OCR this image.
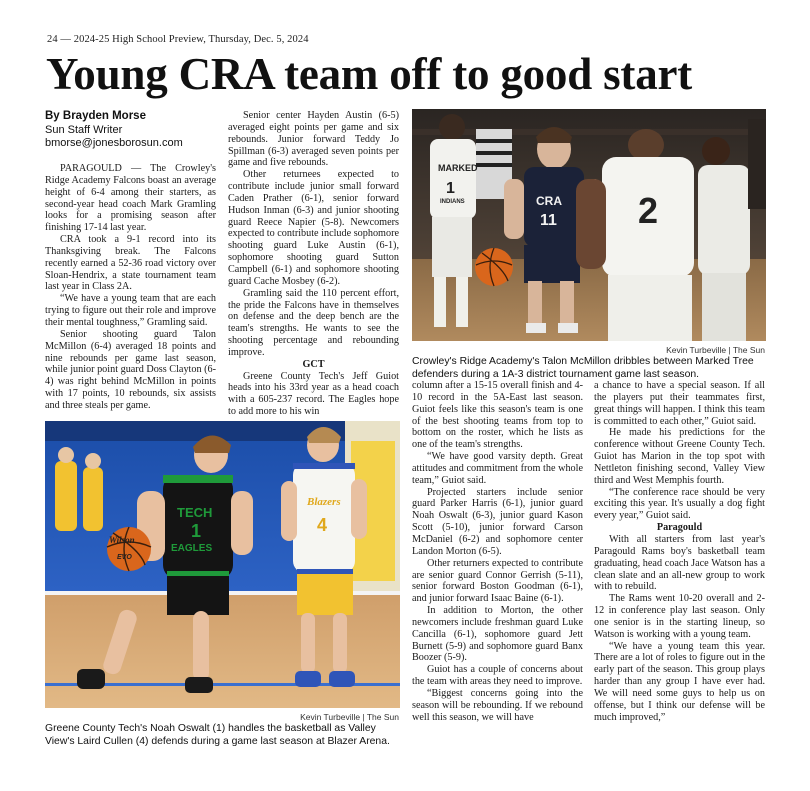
24 — 2024-25 High School Preview, Thursday, Dec. 5, 2024
Young CRA team off to good start
By Brayden Morse
Sun Staff Writer
bmorse@jonesborosun.com

PARAGOULD — The Crowley's Ridge Academy Falcons boast an average height of 6-4 among their starters, as second-year head coach Mark Gramling looks for a promising season after finishing 17-14 last year.

CRA took a 9-1 record into its Thanksgiving break. The Falcons recently earned a 52-36 road victory over Sloan-Hendrix, a state tournament team last year in Class 2A.

“We have a young team that are each trying to figure out their role and improve their mental toughness,” Gramling said.

Senior shooting guard Talon McMillon (6-4) averaged 18 points and nine rebounds per game last season, while junior point guard Doss Clayton (6-4) was right behind McMillon in points with 17 points, 10 rebounds, six assists and three steals per game.

Senior center Hayden Austin (6-5) averaged eight points per game and six rebounds. Junior forward Teddy Jo Spillman (6-3) averaged seven points per game and five rebounds.

Other returnees expected to contribute include junior small forward Caden Prather (6-1), senior forward Hudson Inman (6-3) and junior shooting guard Reece Napier (5-8). Newcomers expected to contribute include sophomore shooting guard Luke Austin (6-1), sophomore shooting guard Sutton Campbell (6-1) and sophomore shooting guard Cache Mosbey (6-2).

Gramling said the 110 percent effort, the pride the Falcons have in themselves on defense and the deep bench are the team's strengths. He wants to see the shooting percentage and rebounding improve.

GCT

Greene County Tech's Jeff Guiot heads into his 33rd year as a head coach with a 605-237 record. The Eagles hope to add more to his win

MARKED
1
INDIANS	CRA
11 2
Kevin Turbeville | The Sun
Crowley's Ridge Academy's Talon McMillon dribbles between Marked Tree defenders during a 1A-3 district tournament game last season.
TECH
1
EAGLES
Wilson
EVO
Blazers
4
Kevin Turbeville | The Sun
Greene County Tech's Noah Oswalt (1) handles the basketball as Valley View's Laird Cullen (4) defends during a game last season at Blazer Arena.

column after a 15-15 overall finish and 4-10 record in the 5A-East last season. Guiot feels like this season's team is one of the best shooting teams from top to bottom on the roster, which he lists as one of the team's strengths.

“We have good varsity depth. Great attitudes and commitment from the whole team,” Guiot said.

Projected starters include senior guard Parker Harris (6-1), junior guard Noah Oswalt (6-3), junior guard Kason Scott (5-10), junior forward Carson McDaniel (6-2) and sophomore center Landon Morton (6-5).

Other returners expected to contribute are senior guard Connor Gerrish (5-11), senior forward Boston Goodman (6-1), and junior forward Isaac Baine (6-1).

In addition to Morton, the other newcomers include freshman guard Luke Cancilla (6-1), sophomore guard Jett Burnett (5-9) and sophomore guard Banx Boozer (5-9).

Guiot has a couple of concerns about the team with areas they need to improve.

“Biggest concerns going into the season will be rebounding. If we rebound well this season, we will have

a chance to have a special season. If all the players put their teammates first, great things will happen. I think this team is committed to each other,” Guiot said.

He made his predictions for the conference without Greene County Tech. Guiot has Marion in the top spot with Nettleton finishing second, Valley View third and West Memphis fourth.

“The conference race should be very exciting this year. It's usually a dog fight every year,” Guiot said.

Paragould

With all starters from last year's Paragould Rams boy's basketball team graduating, head coach Jace Watson has a clean slate and an all-new group to work with to rebuild.

The Rams went 10-20 overall and 2-12 in conference play last season. Only one senior is in the starting lineup, so Watson is working with a young team.

“We have a young team this year. There are a lot of roles to figure out in the early part of the season. This group plays harder than any group I have ever had. We will need some guys to help us on offense, but I think our defense will be much improved,”
